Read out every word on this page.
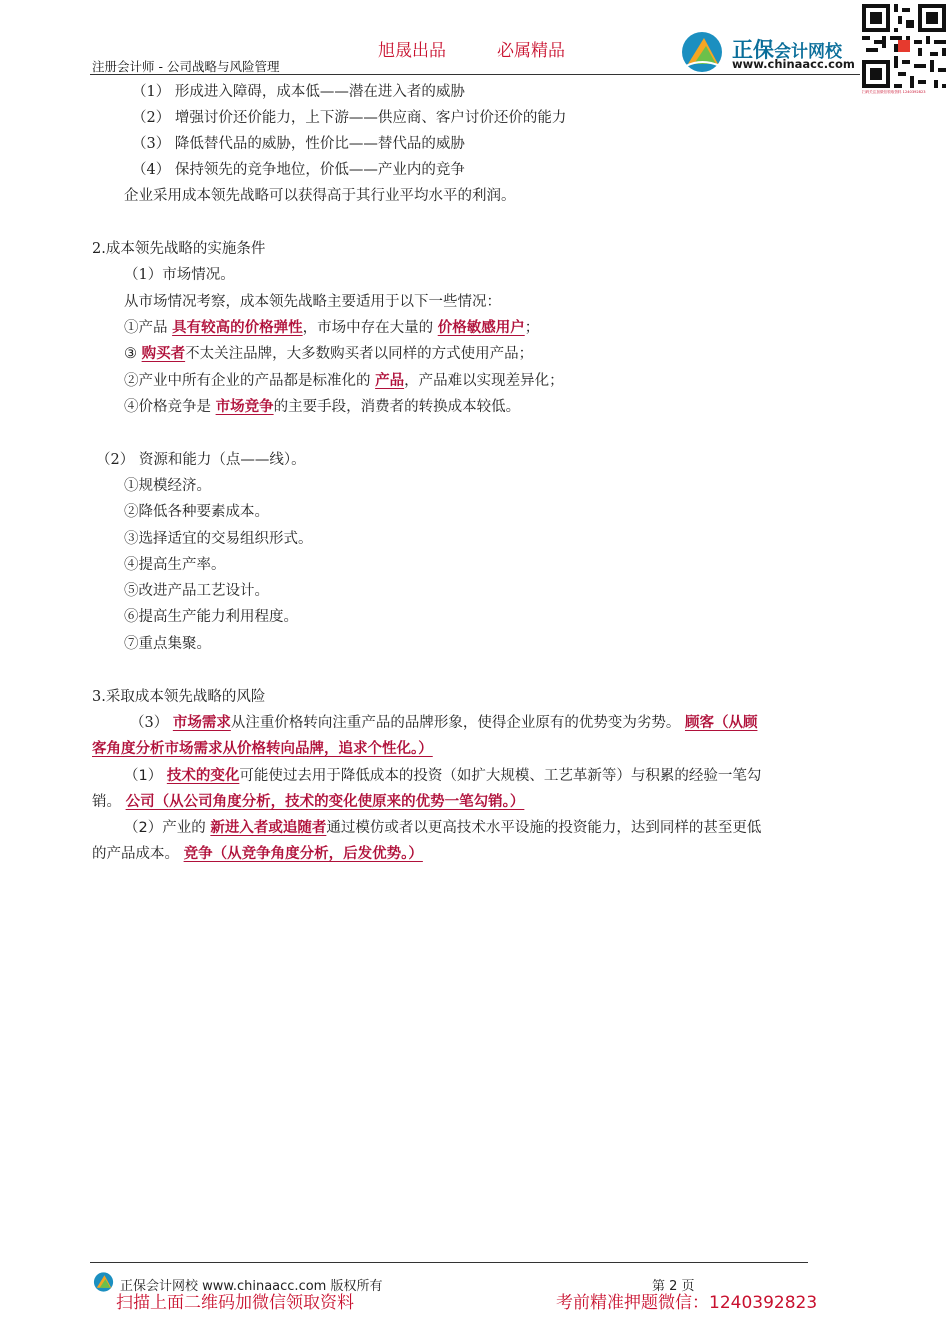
旭晟出品	必属精品
注册会计师 - 公司战略与风险管理
正保会计网校
www.chinaacc.com
扫码关注加微信领取资料 1240392823
（1） 形成进入障碍，成本低——潜在进入者的威胁
（2） 增强讨价还价能力，上下游——供应商、客户讨价还价的能力
（3） 降低替代品的威胁，性价比——替代品的威胁
（4） 保持领先的竞争地位，价低——产业内的竞争
企业采用成本领先战略可以获得高于其行业平均水平的利润。
2.成本领先战略的实施条件
（1）市场情况。
从市场情况考察，成本领先战略主要适用于以下一些情况：
①产品 具有较高的价格弹性，市场中存在大量的 价格敏感用户；
③ 购买者不太关注品牌，大多数购买者以同样的方式使用产品；
②产业中所有企业的产品都是标准化的 产品，产品难以实现差异化；
④价格竞争是 市场竞争的主要手段，消费者的转换成本较低。
（2） 资源和能力（点——线）。
①规模经济。
②降低各种要素成本。
③选择适宜的交易组织形式。
④提高生产率。
⑤改进产品工艺设计。
⑥提高生产能力利用程度。
⑦重点集聚。
3.采取成本领先战略的风险
（3） 市场需求从注重价格转向注重产品的品牌形象，使得企业原有的优势变为劣势。 顾客（从顾
客角度分析市场需求从价格转向品牌，追求个性化。）
（1） 技术的变化可能使过去用于降低成本的投资（如扩大规模、工艺革新等）与积累的经验一笔勾
销。 公司（从公司角度分析，技术的变化使原来的优势一笔勾销。）
（2）产业的 新进入者或追随者通过模仿或者以更高技术水平设施的投资能力，达到同样的甚至更低
的产品成本。 竞争（从竞争角度分析，后发优势。）
正保会计网校 www.chinaacc.com 版权所有	第 2 页
扫描上面二维码加微信领取资料	考前精准押题微信：1240392823
